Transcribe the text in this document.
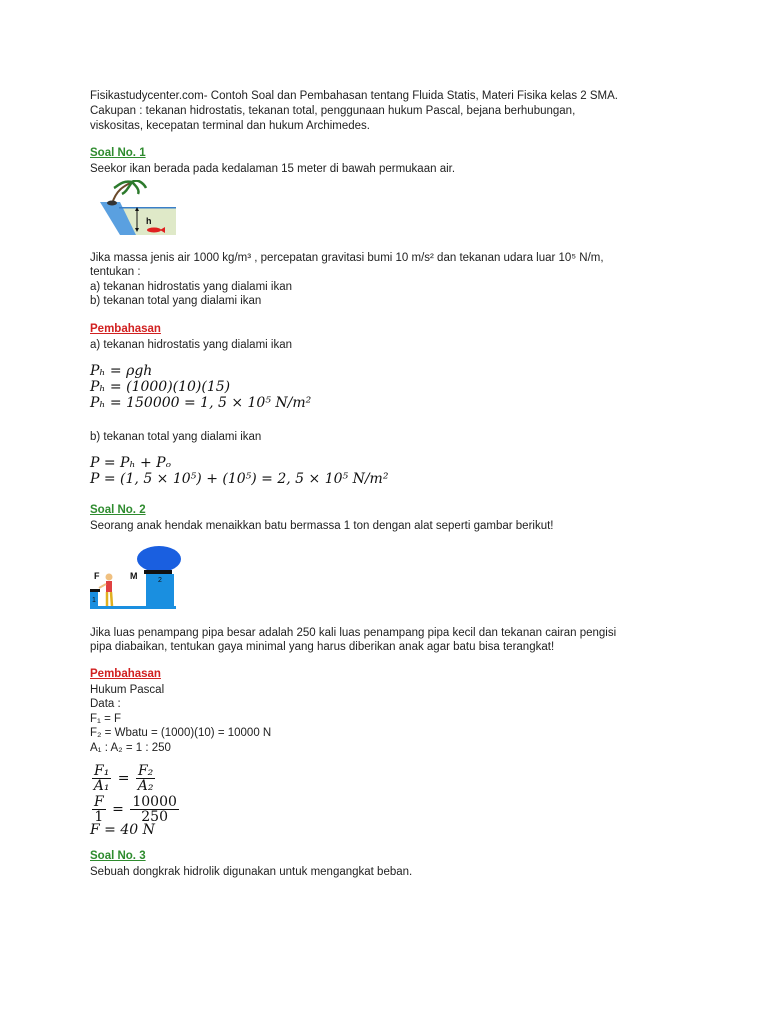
Fisikastudycenter.com- Contoh Soal dan Pembahasan tentang Fluida Statis, Materi Fisika kelas 2 SMA.
Cakupan : tekanan hidrostatis, tekanan total, penggunaan hukum Pascal, bejana berhubungan,
viskositas, kecepatan terminal dan hukum Archimedes.
Soal No. 1
Seekor ikan berada pada kedalaman 15 meter di bawah permukaan air.
h
Jika massa jenis air 1000 kg/m³ , percepatan gravitasi bumi 10 m/s² dan tekanan udara luar 10⁵ N/m,
tentukan :
a) tekanan hidrostatis yang dialami ikan
b) tekanan total yang dialami ikan
Pembahasan
a) tekanan hidrostatis yang dialami ikan
Pₕ = ρgh
Pₕ = (1000)(10)(15)
Pₕ = 150000 = 1, 5 × 10⁵ N/m²
b) tekanan total yang dialami ikan
P = Pₕ + Pₒ
P = (1, 5 × 10⁵) + (10⁵) = 2, 5 × 10⁵ N/m²
Soal No. 2
Seorang anak hendak menaikkan batu bermassa 1 ton dengan alat seperti gambar berikut!
F	M
1
2
Jika luas penampang pipa besar adalah 250 kali luas penampang pipa kecil dan tekanan cairan pengisi
pipa diabaikan, tentukan gaya minimal yang harus diberikan anak agar batu bisa terangkat!
Pembahasan
Hukum Pascal
Data :
F₁ = F
F₂ = Wbatu = (1000)(10) = 10000 N
A₁ : A₂ = 1 : 250
$\frac{\text{F₁}}{\text{A₁}} = \frac{\text{F₂}}{\text{A₂}}$
$\frac{F}{1} = \frac{10000}{250}$
F = 40 N
Soal No. 3
Sebuah dongkrak hidrolik digunakan untuk mengangkat beban.
